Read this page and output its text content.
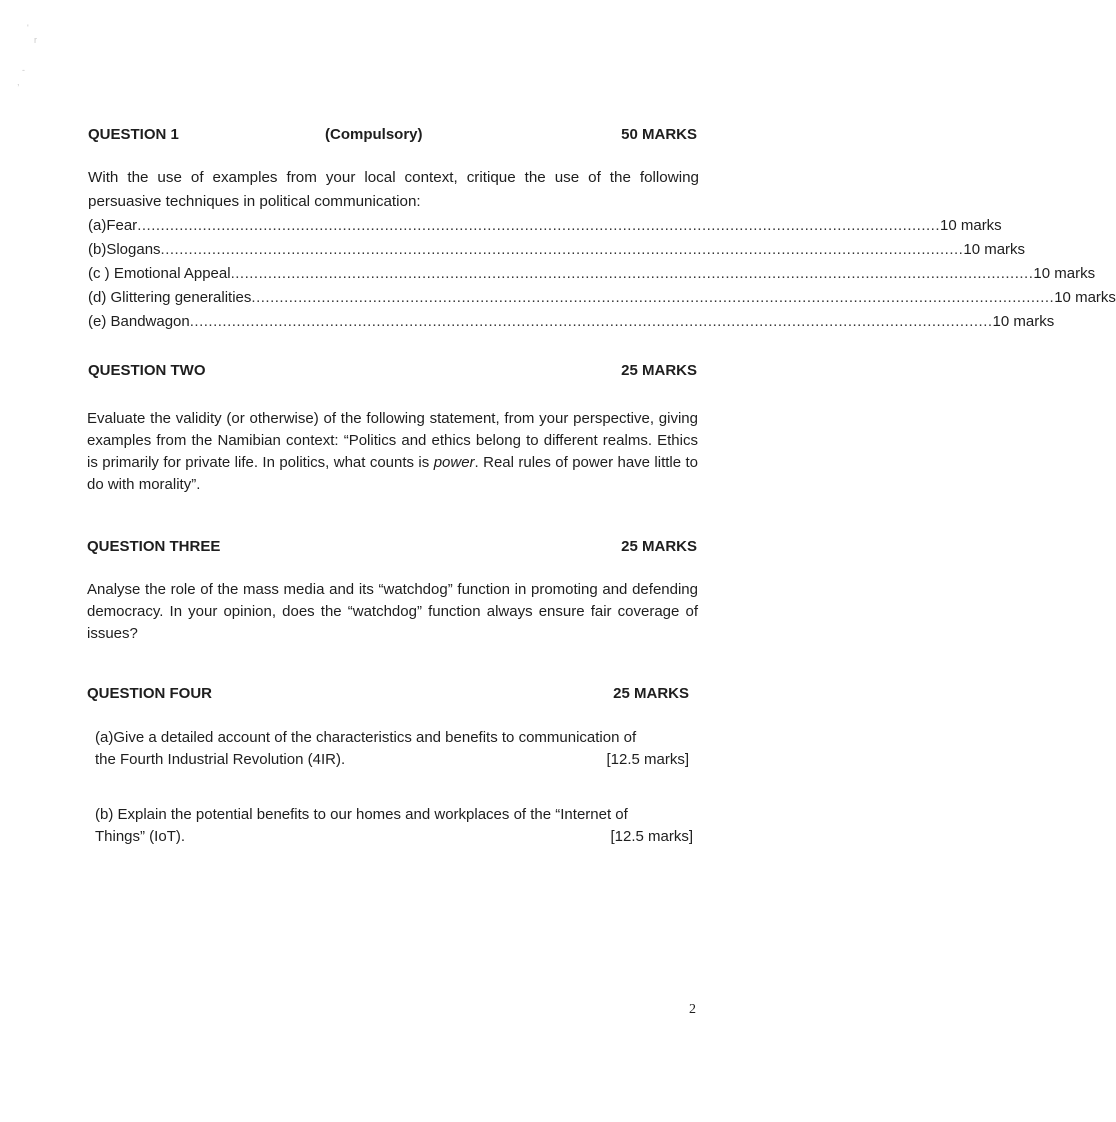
'
r
-
,
QUESTION 1	(Compulsory)	50 MARKS
With the use of examples from your local context, critique the use of the following persuasive techniques in political communication:
(a)Fear ............................................................................................................................................................................ 10 marks
(b)Slogans ............................................................................................................................................................................ 10 marks
(c ) Emotional Appeal ............................................................................................................................................................................ 10 marks
(d) Glittering generalities ............................................................................................................................................................................ 10 marks
(e) Bandwagon ............................................................................................................................................................................ 10 marks
QUESTION TWO	25 MARKS
Evaluate the validity (or otherwise) of the following statement, from your perspective, giving examples from the Namibian context: “Politics and ethics belong to different realms. Ethics is primarily for private life. In politics, what counts is power. Real rules of power have little to do with morality”.
QUESTION THREE	25 MARKS
Analyse the role of the mass media and its “watchdog” function in promoting and defending democracy. In your opinion, does the “watchdog” function always ensure fair coverage of issues?
QUESTION FOUR	25 MARKS
(a)Give a detailed account of the characteristics and benefits to communication of
the Fourth Industrial Revolution (4IR).	[12.5 marks]
(b) Explain the potential benefits to our homes and workplaces of the “Internet of
Things” (IoT).	[12.5 marks]
2
